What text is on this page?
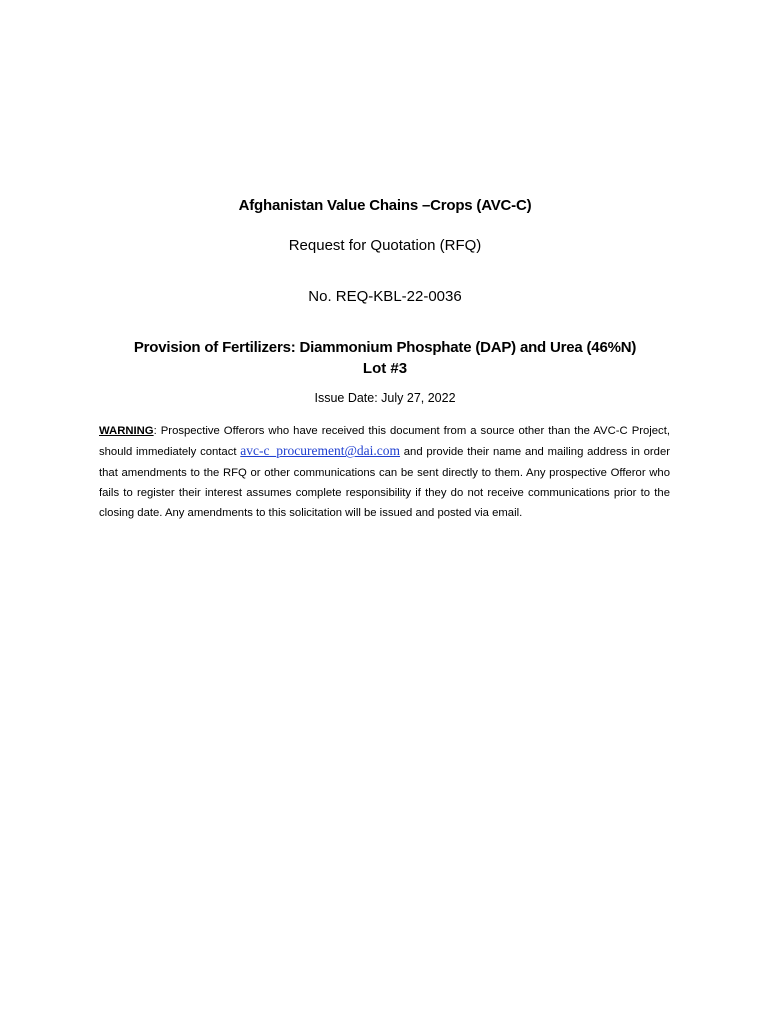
Afghanistan Value Chains –Crops (AVC-C)
Request for Quotation (RFQ)
No. REQ-KBL-22-0036
Provision of Fertilizers: Diammonium Phosphate (DAP) and Urea (46%N)
Lot #3
Issue Date: July 27, 2022
WARNING: Prospective Offerors who have received this document from a source other than the AVC-C Project, should immediately contact avc-c_procurement@dai.com and provide their name and mailing address in order that amendments to the RFQ or other communications can be sent directly to them. Any prospective Offeror who fails to register their interest assumes complete responsibility if they do not receive communications prior to the closing date. Any amendments to this solicitation will be issued and posted via email.
